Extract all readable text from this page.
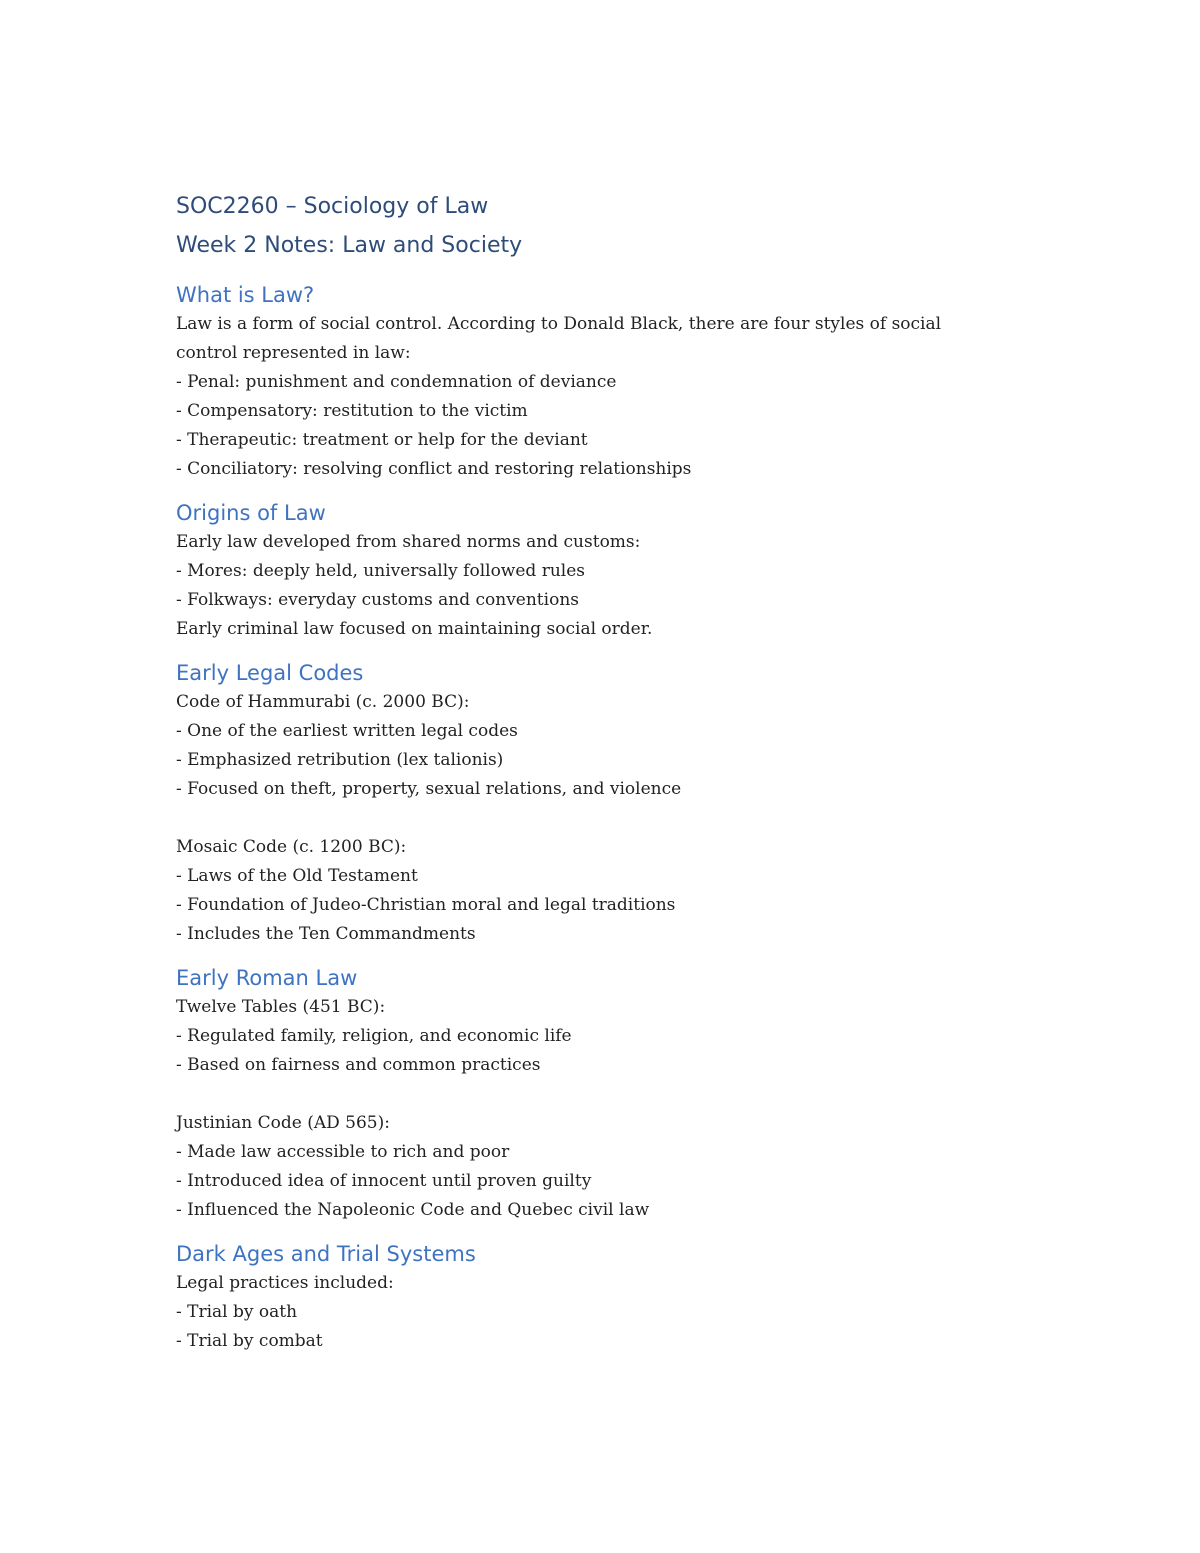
SOC2260 – Sociology of Law
Week 2 Notes: Law and Society
What is Law?
Law is a form of social control. According to Donald Black, there are four styles of social
control represented in law:
- Penal: punishment and condemnation of deviance
- Compensatory: restitution to the victim
- Therapeutic: treatment or help for the deviant
- Conciliatory: resolving conflict and restoring relationships
Origins of Law
Early law developed from shared norms and customs:
- Mores: deeply held, universally followed rules
- Folkways: everyday customs and conventions
Early criminal law focused on maintaining social order.
Early Legal Codes
Code of Hammurabi (c. 2000 BC):
- One of the earliest written legal codes
- Emphasized retribution (lex talionis)
- Focused on theft, property, sexual relations, and violence
Mosaic Code (c. 1200 BC):
- Laws of the Old Testament
- Foundation of Judeo-Christian moral and legal traditions
- Includes the Ten Commandments
Early Roman Law
Twelve Tables (451 BC):
- Regulated family, religion, and economic life
- Based on fairness and common practices
Justinian Code (AD 565):
- Made law accessible to rich and poor
- Introduced idea of innocent until proven guilty
- Influenced the Napoleonic Code and Quebec civil law
Dark Ages and Trial Systems
Legal practices included:
- Trial by oath
- Trial by combat
